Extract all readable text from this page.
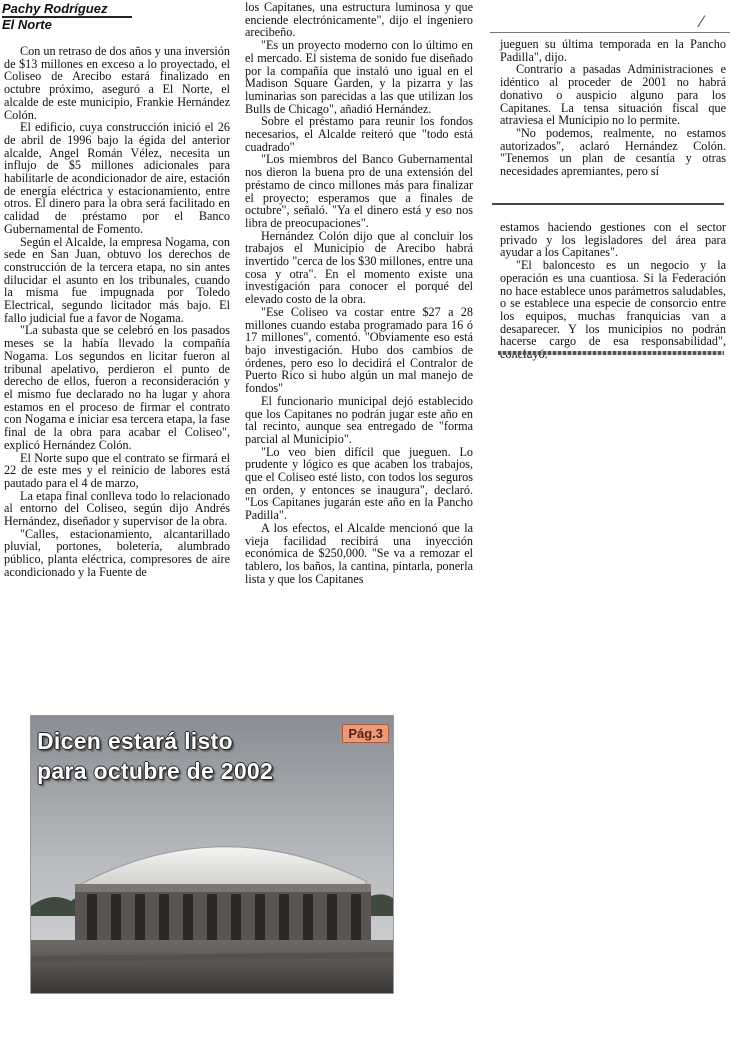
Pachy Rodríguez
El Norte

Con un retraso de dos años y una inversión de $13 millones en exceso a lo proyectado, el Coliseo de Arecibo estará finalizado en octubre próximo, aseguró a El Norte, el alcalde de este municipio, Frankie Hernández Colón.

El edificio, cuya construcción inició el 26 de abril de 1996 bajo la égida del anterior alcalde, Angel Román Vélez, necesita un influjo de $5 millones adicionales para habilitarle de acondicionador de aire, estación de energía eléctrica y estacionamiento, entre otros. El dinero para la obra será facilitado en calidad de préstamo por el Banco Gubernamental de Fomento.

Según el Alcalde, la empresa Nogama, con sede en San Juan, obtuvo los derechos de construcción de la tercera etapa, no sin antes dilucidar el asunto en los tribunales, cuando la misma fue impugnada por Toledo Electrical, segundo licitador más bajo. El fallo judicial fue a favor de Nogama.

"La subasta que se celebró en los pasados meses se la había llevado la compañía Nogama. Los segundos en licitar fueron al tribunal apelativo, perdieron el punto de derecho de ellos, fueron a reconsideración y el mismo fue declarado no ha lugar y ahora estamos en el proceso de firmar el contrato con Nogama e iniciar esa tercera etapa, la fase final de la obra para acabar el Coliseo", explicó Hernández Colón.

El Norte supo que el contrato se firmará el 22 de este mes y el reinicio de labores está pautado para el 4 de marzo,

La etapa final conlleva todo lo relacionado al entorno del Coliseo, según dijo Andrés Hernández, diseñador y supervisor de la obra.

"Calles, estacionamiento, alcantarillado pluvial, portones, boletería, alumbrado público, planta eléctrica, compresores de aire acondicionado y la Fuente de

los Capitanes, una estructura luminosa y que enciende electrónicamente", dijo el ingeniero arecibeño.

"Es un proyecto moderno con lo último en el mercado. El sistema de sonido fue diseñado por la compañía que instaló uno igual en el Madison Square Garden, y la pizarra y las luminarias son parecidas a las que utilizan los Bulls de Chicago", añadió Hernández.

Sobre el préstamo para reunir los fondos necesarios, el Alcalde reiteró que "todo está cuadrado"

"Los miembros del Banco Gubernamental nos dieron la buena pro de una extensión del préstamo de cinco millones más para finalizar el proyecto; esperamos que a finales de octubre", señaló. "Ya el dinero está y eso nos libra de preocupaciones".

Hernández Colón dijo que al concluir los trabajos el Municipio de Arecibo habrá invertido "cerca de los $30 millones, entre una cosa y otra". En el momento existe una investigación para conocer el porqué del elevado costo de la obra.

"Ese Coliseo va costar entre $27 a 28 millones cuando estaba programado para 16 ó 17 millones", comentó. "Obviamente eso está bajo investigación. Hubo dos cambios de órdenes, pero eso lo decidirá el Contralor de Puerto Rico si hubo algún un mal manejo de fondos"

El funcionario municipal dejó establecido que los Capitanes no podrán jugar este año en tal recinto, aunque sea entregado de "forma parcial al Municipio".

"Lo veo bien difícil que jueguen. Lo prudente y lógico es que acaben los trabajos, que el Coliseo esté listo, con todos los seguros en orden, y entonces se inaugura", declaró. "Los Capitanes jugarán este año en la Pancho Padilla".

A los efectos, el Alcalde mencionó que la vieja facilidad recibirá una inyección económica de $250,000. "Se va a remozar el tablero, los baños, la cantina, pintarla, ponerla lista y que los Capitanes

⁄

jueguen su última temporada en la Pancho Padilla", dijo.

Contrario a pasadas Administraciones e idéntico al proceder de 2001 no habrá donativo o auspicio alguno para los Capitanes. La tensa situación fiscal que atraviesa el Municipio no lo permite.

"No podemos, realmente, no estamos autorizados", aclaró Hernández Colón. "Tenemos un plan de cesantía y otras necesidades apremiantes, pero sí

estamos haciendo gestiones con el sector privado y los legisladores del área para ayudar a los Capitanes".

"El baloncesto es un negocio y la operación es una cuantiosa. Si la Federación no hace establece unos parámetros saludables, o se establece una especie de consorcio entre los equipos, muchas franquicias van a desaparecer. Y los municipios no podrán hacerse cargo de esa responsabilidad",

Dicen estará listo
para octubre de 2002
Pág.3
